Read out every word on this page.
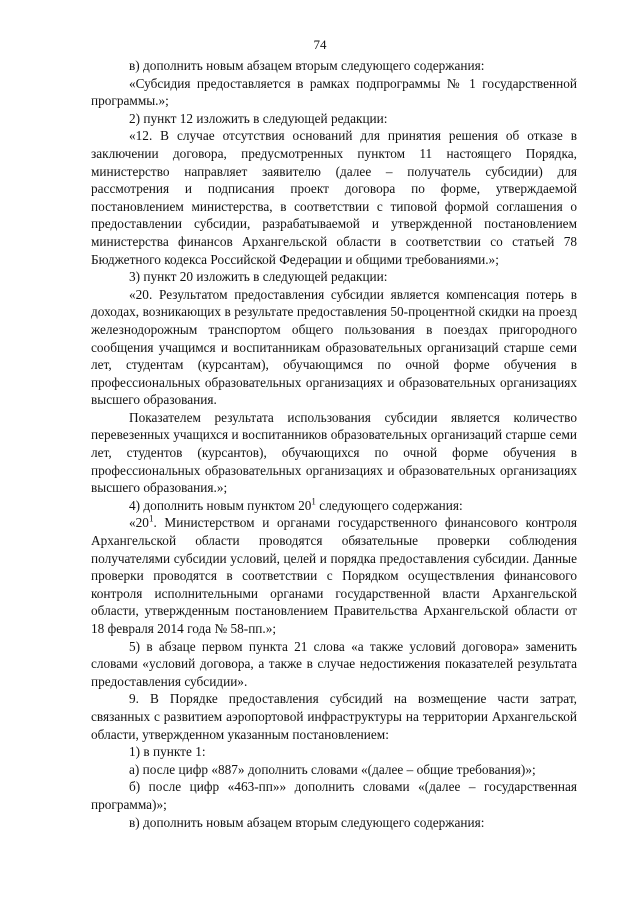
74

в) дополнить новым абзацем вторым следующего содержания:

«Субсидия предоставляется в рамках подпрограммы № 1 государственной программы.»;

2) пункт 12 изложить в следующей редакции:

«12. В случае отсутствия оснований для принятия решения об отказе в заключении договора, предусмотренных пунктом 11 настоящего Порядка, министерство направляет заявителю (далее – получатель субсидии) для рассмотрения и подписания проект договора по форме, утверждаемой постановлением министерства, в соответствии с типовой формой соглашения о предоставлении субсидии, разрабатываемой и утвержденной постановлением министерства финансов Архангельской области в соответствии со статьей 78 Бюджетного кодекса Российской Федерации и общими требованиями.»;

3) пункт 20 изложить в следующей редакции:

«20. Результатом предоставления субсидии является компенсация потерь в доходах, возникающих в результате предоставления 50-процентной скидки на проезд железнодорожным транспортом общего пользования в поездах пригородного сообщения учащимся и воспитанникам образовательных организаций старше семи лет, студентам (курсантам), обучающимся по очной форме обучения в профессиональных образовательных организациях и образовательных организациях высшего образования.

Показателем результата использования субсидии является количество перевезенных учащихся и воспитанников образовательных организаций старше семи лет, студентов (курсантов), обучающихся по очной форме обучения в профессиональных образовательных организациях и образовательных организациях высшего образования.»;

4) дополнить новым пунктом $20^1$ следующего содержания:

«$20^1$. Министерством и органами государственного финансового контроля Архангельской области проводятся обязательные проверки соблюдения получателями субсидии условий, целей и порядка предоставления субсидии. Данные проверки проводятся в соответствии с Порядком осуществления финансового контроля исполнительными органами государственной власти Архангельской области, утвержденным постановлением Правительства Архангельской области от 18 февраля 2014 года № 58-пп.»;

5) в абзаце первом пункта 21 слова «а также условий договора» заменить словами «условий договора, а также в случае недостижения показателей результата предоставления субсидии».

9. В Порядке предоставления субсидий на возмещение части затрат, связанных с развитием аэропортовой инфраструктуры на территории Архангельской области, утвержденном указанным постановлением:

1) в пункте 1:

а) после цифр «887» дополнить словами «(далее – общие требования)»;

б) после цифр «463-пп»» дополнить словами «(далее – государственная программа)»;

в) дополнить новым абзацем вторым следующего содержания:
